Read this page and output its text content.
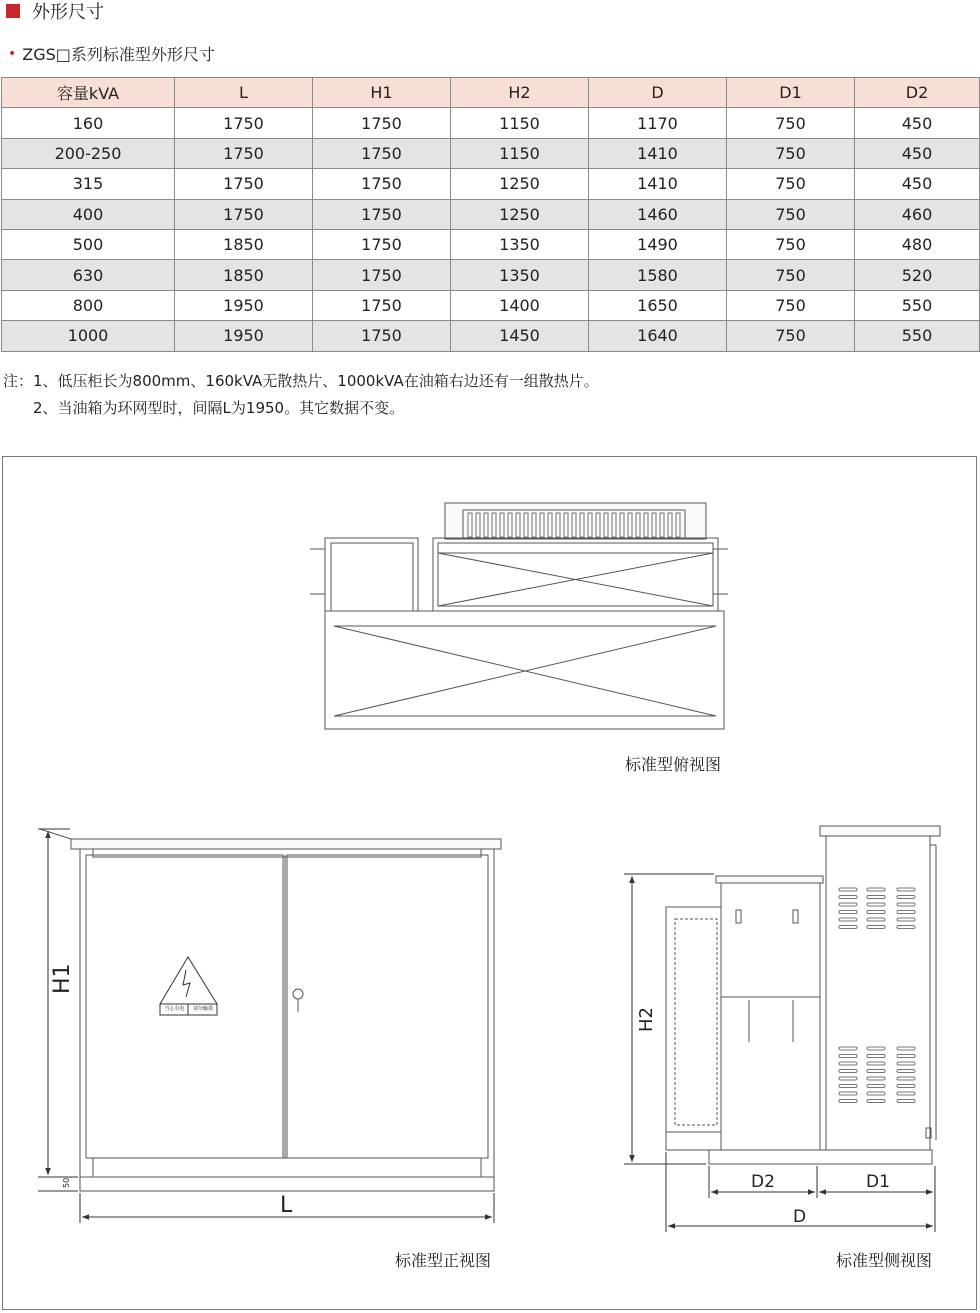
外形尺寸
• ZGS□系列标准型外形尺寸
容量kVA	L	H1	H2	D	D1	D2
160	1750	1750	1150	1170	750	450
200-250	1750	1750	1150	1410	750	450
315	1750	1750	1250	1410	750	450
400	1750	1750	1250	1460	750	460
500	1850	1750	1350	1490	750	480
630	1850	1750	1350	1580	750	520
800	1950	1750	1400	1650	750	550
1000	1950	1750	1450	1640	750	550
注：1、低压柜长为800mm、160kVA无散热片、1000kVA在油箱右边还有一组散热片。
2、当油箱为环网型时，间隔L为1950。其它数据不变。
标准型俯视图
标准型正视图	标准型侧视图
H1
L
50
H2
D2	D1
D
当心有电	请勿触摸
